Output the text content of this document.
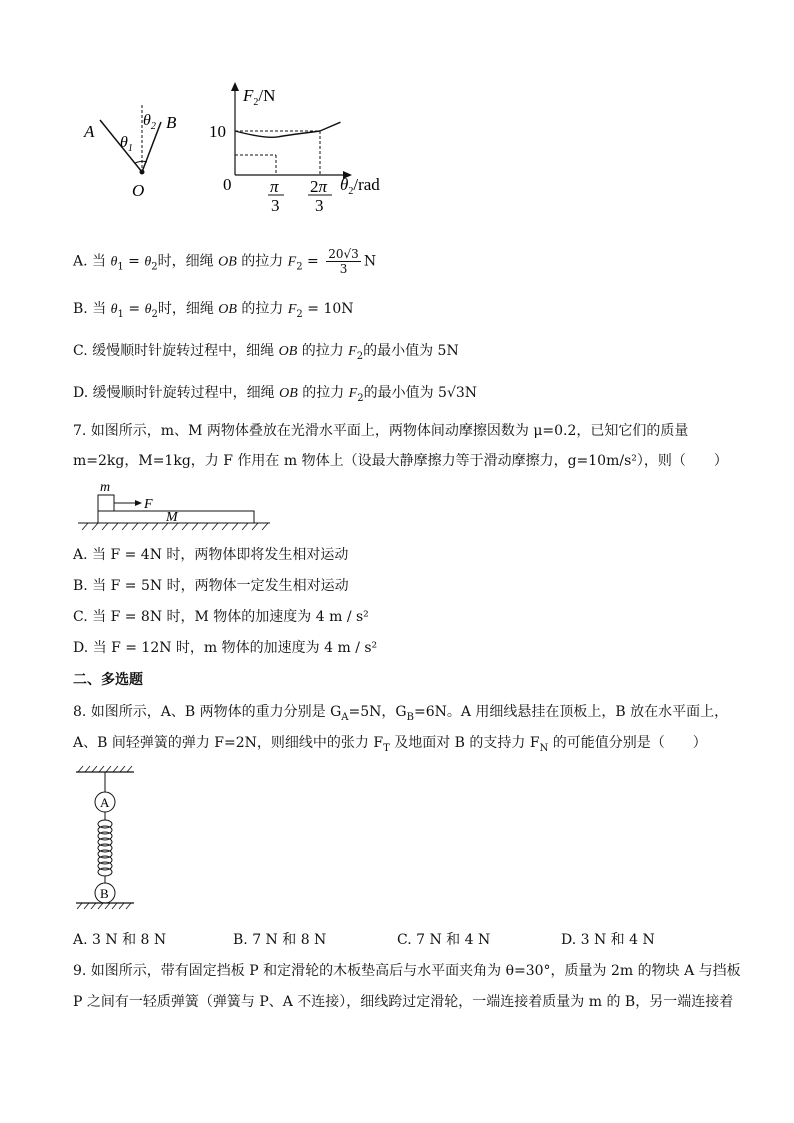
A	B
O
$\theta_1$
$\theta_2$
$F_2/N$
10
0 π
3
2π
3
$\theta_2$/rad
A. 当 $\theta_1 = \theta_2$时，细绳 OB 的拉力 $F_2 = \frac{20√3}{3}$ N
B. 当 $\theta_1 = \theta_2$时，细绳 OB 的拉力 $F_2 = 10N$
C. 缓慢顺时针旋转过程中，细绳 OB 的拉力 $F_2$的最小值为 5N
D. 缓慢顺时针旋转过程中，细绳 OB 的拉力 $F_2$的最小值为 5√3N
7. 如图所示，m、M 两物体叠放在光滑水平面上，两物体间动摩擦因数为 μ=0.2，已知它们的质量
m=2kg，M=1kg，力 F 作用在 m 物体上（设最大静摩擦力等于滑动摩擦力，g=10m/s²），则（　　）
m
F
M
A. 当 F = 4N 时，两物体即将发生相对运动
B. 当 F = 5N 时，两物体一定发生相对运动
C. 当 F = 8N 时，M 物体的加速度为 4 m / s²
D. 当 F = 12N 时，m 物体的加速度为 4 m / s²
二、多选题
8. 如图所示，A、B 两物体的重力分别是 $G_A=5N$，$G_B=6N$。A 用细线悬挂在顶板上，B 放在水平面上，
A、B 间轻弹簧的弹力 F=2N，则细线中的张力 $F_T$ 及地面对 B 的支持力 $F_N$ 的可能值分别是（　　）
A
B
A. 3 N 和 8 N	B. 7 N 和 8 N	C. 7 N 和 4 N	D. 3 N 和 4 N
9. 如图所示，带有固定挡板 P 和定滑轮的木板垫高后与水平面夹角为 θ=30°，质量为 2m 的物块 A 与挡板
P 之间有一轻质弹簧（弹簧与 P、A 不连接），细线跨过定滑轮，一端连接着质量为 m 的 B，另一端连接着
